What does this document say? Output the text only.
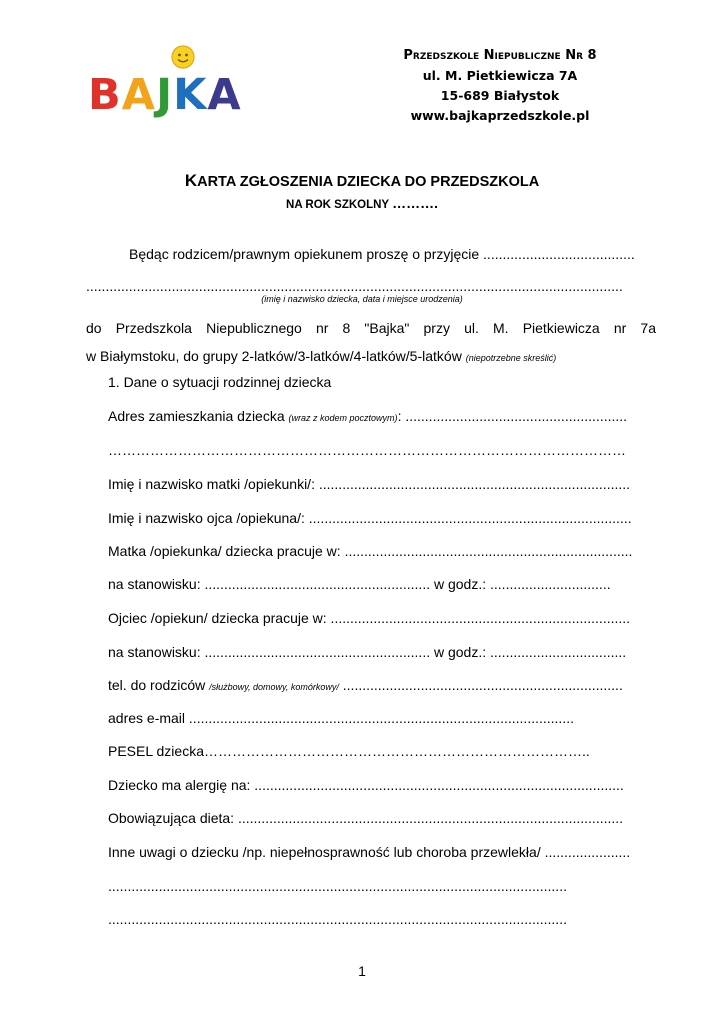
BAJKA
Przedszkole Niepubliczne Nr 8
ul. M. Pietkiewicza 7A
15-689 Białystok
www.bajkaprzedszkole.pl
KARTA ZGŁOSZENIA DZIECKA DO PRZEDSZKOLA
NA ROK SZKOLNY ……….
Będąc rodzicem/prawnym opiekunem proszę o przyjęcie .......................................
..........................................................................................................................................
(imię i nazwisko dziecka, data i miejsce urodzenia)
do Przedszkola Niepublicznego nr 8 "Bajka" przy ul. M. Pietkiewicza nr 7a
w Białymstoku, do grupy 2-latków/3-latków/4-latków/5-latków (niepotrzebne skreślić)
1. Dane o sytuacji rodzinnej dziecka
Adres zamieszkania dziecka (wraz z kodem pocztowym): .........................................................
…………………………………………………………………………………………………
Imię i nazwisko matki /opiekunki/: ................................................................................
Imię i nazwisko ojca /opiekuna/: ...................................................................................
Matka /opiekunka/ dziecka pracuje w: ..........................................................................
na stanowisku: .......................................................... w godz.: ...............................
Ojciec /opiekun/ dziecka pracuje w: .............................................................................
na stanowisku: .......................................................... w godz.: ...................................
tel. do rodziców /służbowy, domowy, komórkowy/ ........................................................................
adres e-mail ...................................................................................................
PESEL dziecka………………………………………………………………………..
Dziecko ma alergię na: ...............................................................................................
Obowiązująca dieta: ...................................................................................................
Inne uwagi o dziecku /np. niepełnosprawność lub choroba przewlekła/ ......................
......................................................................................................................
......................................................................................................................
1
